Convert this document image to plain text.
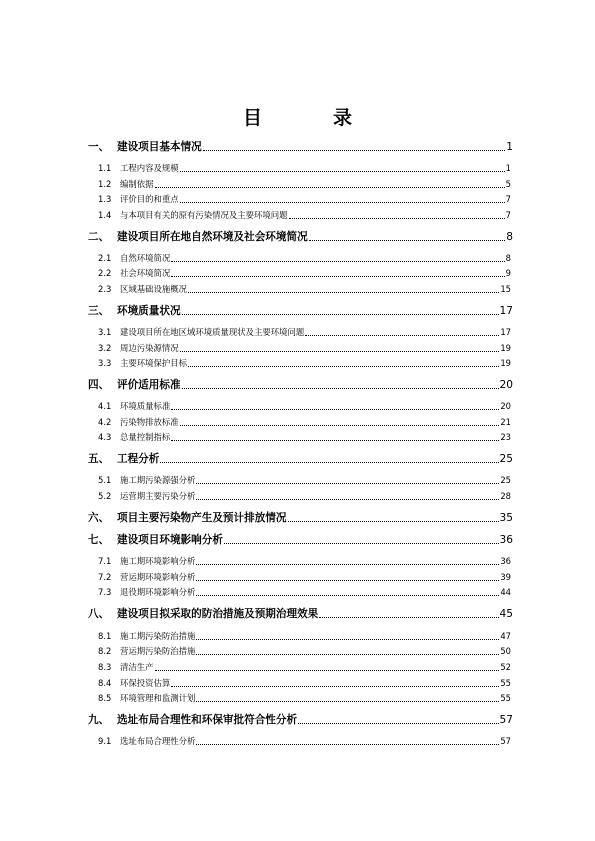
目　录
一、 建设项目基本情况	1
1.1	工程内容及规模	1
1.2	编制依据	5
1.3	评价目的和重点	7
1.4	与本项目有关的原有污染情况及主要环境问题	7
二、 建设项目所在地自然环境及社会环境简况	8
2.1	自然环境简况	8
2.2	社会环境简况	9
2.3	区域基础设施概况	15
三、 环境质量状况	17
3.1	建设项目所在地区域环境质量现状及主要环境问题	17
3.2	周边污染源情况	19
3.3	主要环境保护目标	19
四、 评价适用标准	20
4.1	环境质量标准	20
4.2	污染物排放标准	21
4.3	总量控制指标	23
五、 工程分析	25
5.1	施工期污染源强分析	25
5.2	运营期主要污染分析	28
六、 项目主要污染物产生及预计排放情况	35
七、 建设项目环境影响分析	36
7.1	施工期环境影响分析	36
7.2	营运期环境影响分析	39
7.3	退役期环境影响分析	44
八、 建设项目拟采取的防治措施及预期治理效果	45
8.1	施工期污染防治措施	47
8.2	营运期污染防治措施	50
8.3	清洁生产	52
8.4	环保投资估算	55
8.5	环境管理和监测计划	55
九、 选址布局合理性和环保审批符合性分析	57
9.1	选址布局合理性分析	57
